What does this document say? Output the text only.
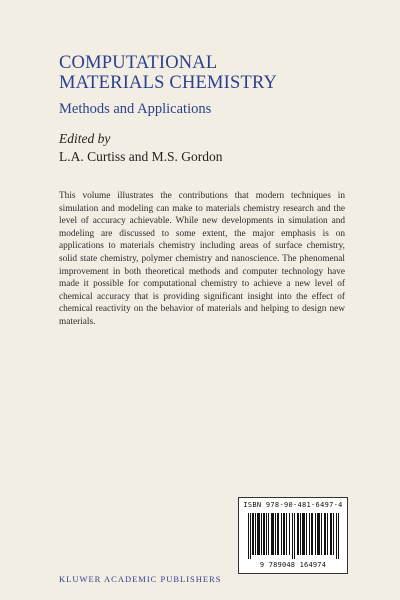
COMPUTATIONAL
MATERIALS CHEMISTRY
Methods and Applications
Edited by
L.A. Curtiss and M.S. Gordon

This volume illustrates the contributions that modern techniques in simulation and modeling can make to materials chemistry research and the level of accuracy achievable. While new developments in simulation and modeling are discussed to some extent, the major emphasis is on applications to materials chemistry including areas of surface chemistry, solid state chemistry, polymer chemistry and nanoscience. The phenomenal improvement in both theoretical methods and computer technology have made it possible for computational chemistry to achieve a new level of chemical accuracy that is providing significant insight into the effect of chemical reactivity on the behavior of materials and helping to design new materials.

ISBN 978-90-481-6497-4
9 789048 164974
KLUWER ACADEMIC PUBLISHERS
